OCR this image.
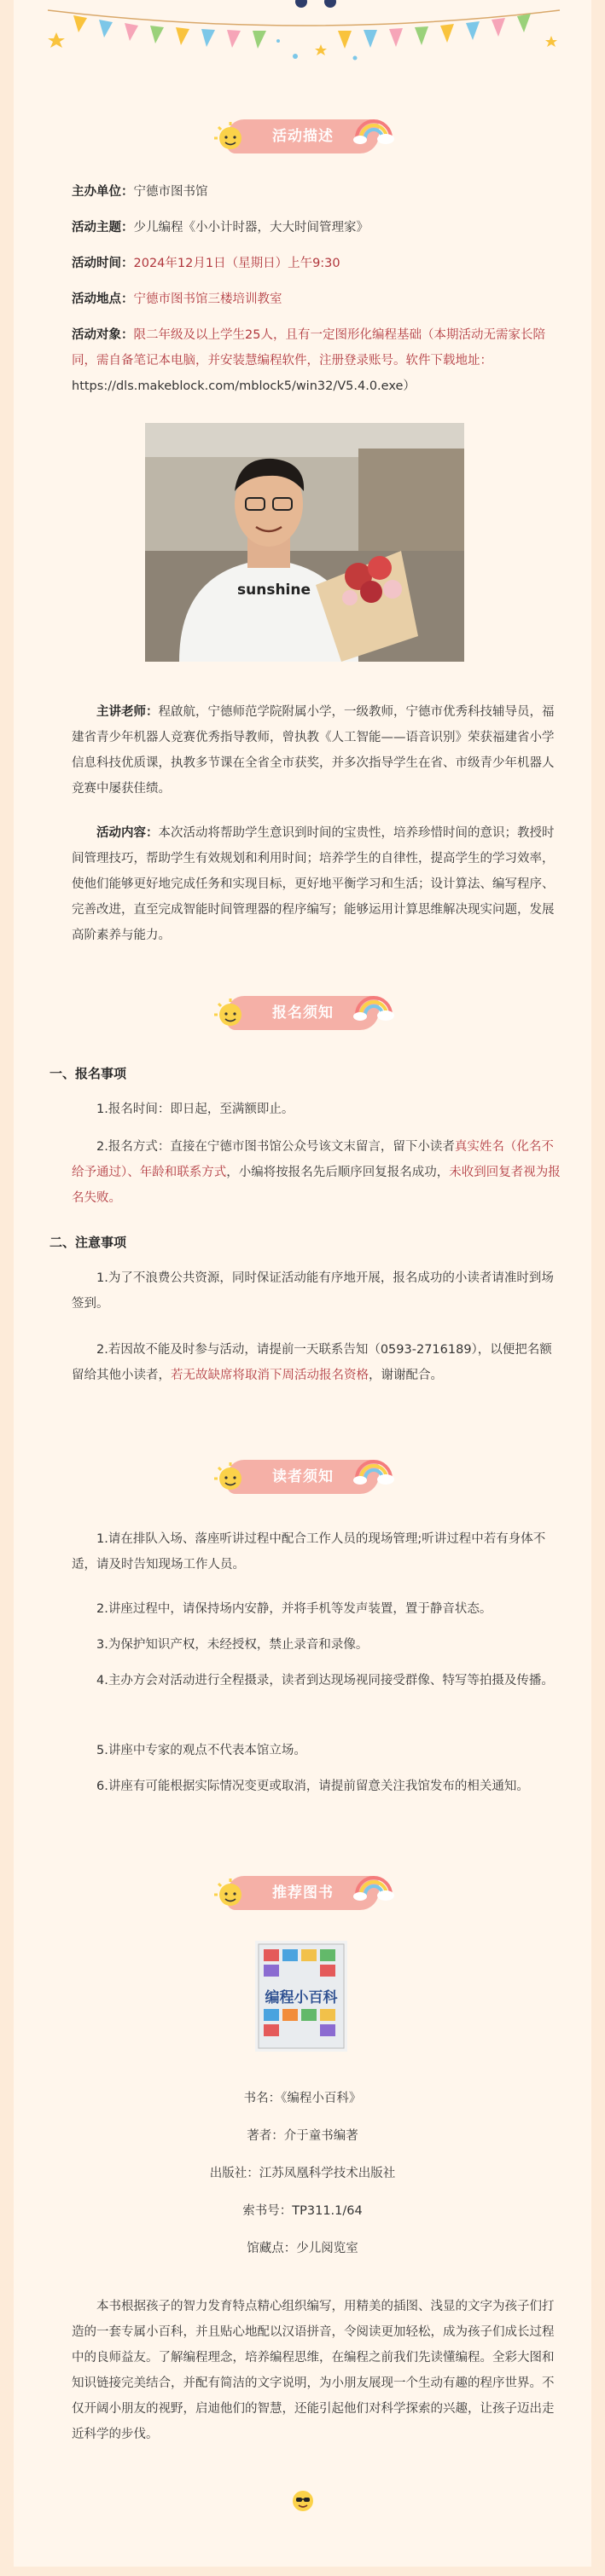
活动描述

主办单位：宁德市图书馆

活动主题：少儿编程《小小计时器，大大时间管理家》

活动时间：2024年12月1日（星期日）上午9:30

活动地点：宁德市图书馆三楼培训教室

活动对象：限二年级及以上学生25人，且有一定图形化编程基础（本期活动无需家长陪同，需自备笔记本电脑，并安装慧编程软件，注册登录账号。软件下载地址：https://dls.makeblock.com/mblock5/win32/V5.4.0.exe）

sunshine

主讲老师：程啟航，宁德师范学院附属小学，一级教师，宁德市优秀科技辅导员，福建省青少年机器人竞赛优秀指导教师，曾执教《人工智能——语音识别》荣获福建省小学信息科技优质课，执教多节课在全省全市获奖，并多次指导学生在省、市级青少年机器人竞赛中屡获佳绩。

活动内容：本次活动将帮助学生意识到时间的宝贵性，培养珍惜时间的意识；教授时间管理技巧，帮助学生有效规划和利用时间；培养学生的自律性，提高学生的学习效率，使他们能够更好地完成任务和实现目标，更好地平衡学习和生活；设计算法、编写程序、完善改进，直至完成智能时间管理器的程序编写；能够运用计算思维解决现实问题，发展高阶素养与能力。

报名须知
一、报名事项

1.报名时间：即日起，至满额即止。

2.报名方式：直接在宁德市图书馆公众号该文末留言，留下小读者真实姓名（化名不给予通过）、年龄和联系方式，小编将按报名先后顺序回复报名成功，未收到回复者视为报名失败。

二、注意事项

1.为了不浪费公共资源，同时保证活动能有序地开展，报名成功的小读者请准时到场签到。

2.若因故不能及时参与活动，请提前一天联系告知（0593-2716189），以便把名额留给其他小读者，若无故缺席将取消下周活动报名资格，谢谢配合。

读者须知

1.请在排队入场、落座听讲过程中配合工作人员的现场管理;听讲过程中若有身体不适，请及时告知现场工作人员。

2.讲座过程中，请保持场内安静，并将手机等发声装置，置于静音状态。

3.为保护知识产权，未经授权，禁止录音和录像。

4.主办方会对活动进行全程摄录，读者到达现场视同接受群像、特写等拍摄及传播。

5.讲座中专家的观点不代表本馆立场。

6.讲座有可能根据实际情况变更或取消，请提前留意关注我馆发布的相关通知。

推荐图书
编程小百科
书名：《编程小百科》
著者：介于童书编著
出版社：江苏凤凰科学技术出版社
索书号：TP311.1/64
馆藏点：少儿阅览室

本书根据孩子的智力发育特点精心组织编写，用精美的插图、浅显的文字为孩子们打造的一套专属小百科，并且贴心地配以汉语拼音，令阅读更加轻松，成为孩子们成长过程中的良师益友。了解编程理念，培养编程思维，在编程之前我们先读懂编程。全彩大图和知识链接完美结合，并配有简洁的文字说明，为小朋友展现一个生动有趣的程序世界。不仅开阔小朋友的视野，启迪他们的智慧，还能引起他们对科学探索的兴趣，让孩子迈出走近科学的步伐。
